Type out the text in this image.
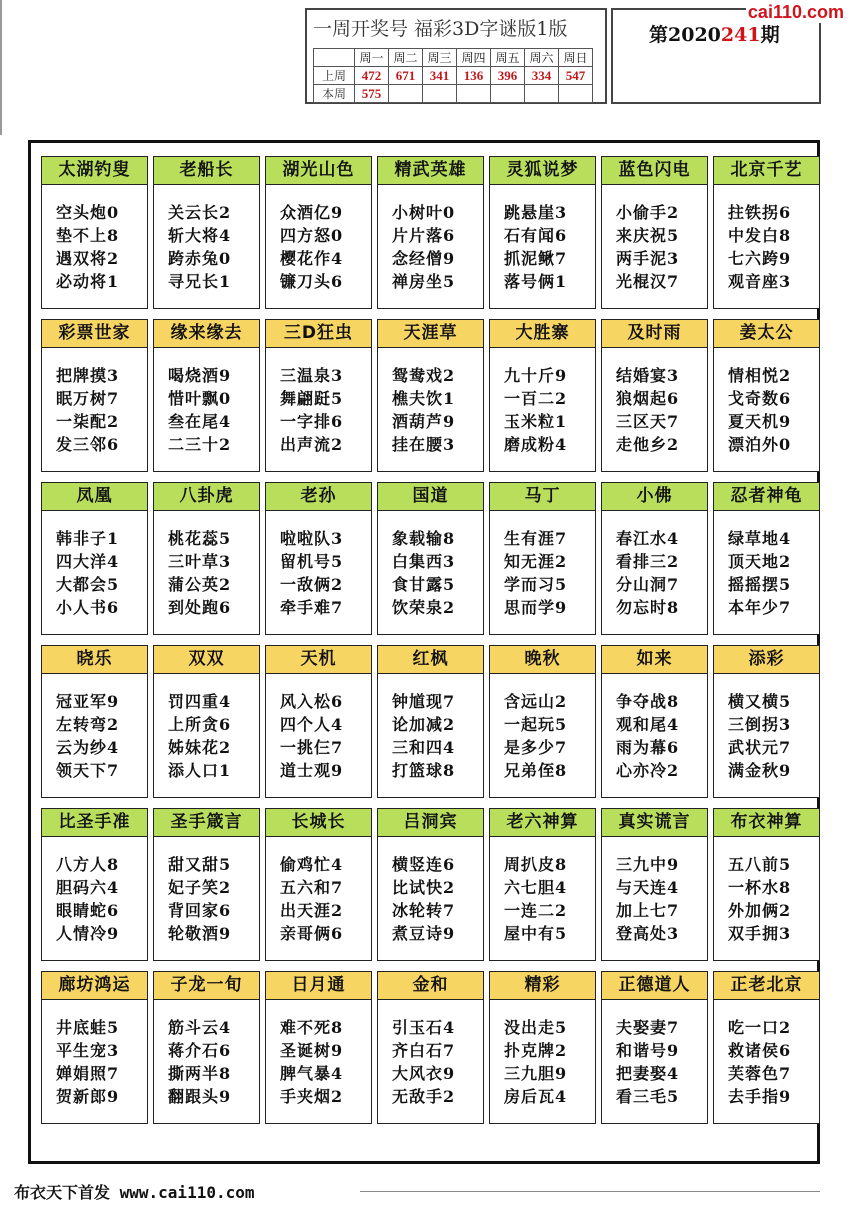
一周开奖号 福彩3D字谜版1版
	周一	周二	周三	周四	周五	周六	周日
上周	472	671	341	136	396	334	547
本周	575						
第2020241期
cai110.com
太湖钓叟
空头炮0
垫不上8
遇双将2
必动将1
老船长
关云长2
斩大将4
跨赤兔0
寻兄长1
湖光山色
众酒亿9
四方怒0
樱花作4
镰刀头6
精武英雄
小树叶0
片片落6
念经僧9
禅房坐5
灵狐说梦
跳悬崖3
石有闻6
抓泥鳅7
落号俩1
蓝色闪电
小偷手2
来庆祝5
两手泥3
光棍汉7
北京千艺
拄铁拐6
中发白8
七六跨9
观音座3
彩票世家
把牌摸3
眠万树7
一柒配2
发三邻6
缘来缘去
喝烧酒9
惜叶飘0
叁在尾4
二三十2
三D狂虫
三温泉3
舞翩跹5
一字排6
出声流2
天涯草
鸳鸯戏2
樵夫饮1
酒葫芦9
挂在腰3
大胜寨
九十斤9
一百二2
玉米粒1
磨成粉4
及时雨
结婚宴3
狼烟起6
三区天7
走他乡2
姜太公
情相悦2
戈奇数6
夏天机9
漂泊外0
凤凰
韩非子1
四大洋4
大都会5
小人书6
八卦虎
桃花蕊5
三叶草3
蒲公英2
到处跑6
老孙
啦啦队3
留机号5
一敌俩2
牵手难7
国道
象载输8
白集西3
食甘露5
饮荣泉2
马丁
生有涯7
知无涯2
学而习5
思而学9
小佛
春江水4
看排三2
分山洞7
勿忘时8
忍者神龟
绿草地4
顶天地2
摇摇摆5
本年少7
晓乐
冠亚军9
左转弯2
云为纱4
领天下7
双双
罚四重4
上所贪6
姊妹花2
添人口1
天机
风入松6
四个人4
一挑仨7
道士观9
红枫
钟馗现7
论加减2
三和四4
打篮球8
晚秋
含远山2
一起玩5
是多少7
兄弟侄8
如来
争夺战8
观和尾4
雨为幕6
心亦冷2
添彩
横又横5
三倒拐3
武状元7
满金秋9
比圣手准
八方人8
胆码六4
眼睛蛇6
人情冷9
圣手箴言
甜又甜5
妃子笑2
背回家6
轮敬酒9
长城长
偷鸡忙4
五六和7
出天涯2
亲哥俩6
吕洞宾
横竖连6
比试快2
冰轮转7
煮豆诗9
老六神算
周扒皮8
六七胆4
一连二2
屋中有5
真实谎言
三九中9
与天连4
加上七7
登高处3
布衣神算
五八前5
一杯水8
外加俩2
双手拥3
廊坊鸿运
井底蛙5
平生宠3
婵娟照7
贺新郎9
子龙一旬
筋斗云4
蒋介石6
撕两半8
翻跟头9
日月通
难不死8
圣诞树9
脾气暴4
手夹烟2
金和
引玉石4
齐白石7
大风衣9
无敌手2
精彩
没出走5
扑克牌2
三九胆9
房后瓦4
正德道人
夫娶妻7
和谐号9
把妻娶4
看三毛5
正老北京
吃一口2
救诸侯6
芙蓉色7
去手指9
布衣天下首发 www.cai110.com
